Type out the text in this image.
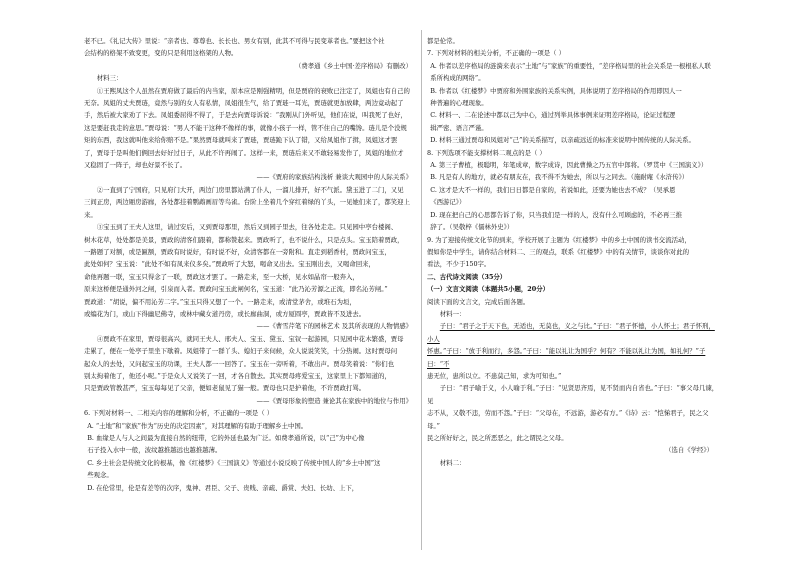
老不已。《礼记大传》里说：“亲者也、尊尊也、长长也、男女有别，此其不可得与民变革者也。”要把这个社

会结构的格架不致变更，变的只是利用这格架的人物。

（费孝通《乡土中国·差序格局》有删改）

材料三：

①王熙凤这个人虽然在贾府做了最后的内当家，原本应是刚强精明，但是贾府的衰败已注定了，凤姐也有自己的

无奈。凤姐的丈夫贾琏，竟然与别的女人有私情，凤姐很生气，给了贾琏一耳光，贾琏就更加放肆，两边竟动起了

手，然后被大家劝了下去。凤姐委屈得不得了，于是去向贾母诉说：“我刚从门外听见，他们在说，叫我死了也好，

这是要赶我走的意思。”贾母说：“男人不能干这种不像样的事，就像小孩子一样，管不住自己的嘴馋。琏儿是个没规

矩的东西，我这就叫他来给你赔不是。”果然贾母就叫来了贾琏，贾琏跪下认了错，又给凤姐作了揖，凤姐这才罢

了，贾母于是叫他们俩回去好好过日子，从此不许再闹了。这样一来，贾琏后来又不敢轻易发作了，凤姐的地位才

又稳固了一阵子，却也好景不长了。

——《贾府的家族结构浅析 兼谈大观园中的人际关系》

②一直到了宁国府，只见府门大开，两边门房里都站满了仆人，一溜儿排开，好不气派。黛玉进了二门，又见

三间正房，两边厢房游廊，各处都挂着鹦鹉画眉等鸟雀。台阶上坐着几个穿红着绿的丫头，一见她们来了，都笑迎上来。

③宝玉到了王夫人这里，请过安后，又到贾母那里，然后又到园子里去，往各处走走。只见园中亭台楼阁、

树木花草，处处都是美景，贾政的清客们跟着，都称赞起来。贾政听了，也不说什么，只是点头。宝玉陪着贾政，

一路题了对额，或是匾额，贾政有时说好，有时说不好，众清客都在一旁附和。直走到稻香村，贾政问宝玉，

此处如何？宝玉说：“此处不如有凤来仪多矣。”贾政听了大怒，喝命叉出去。宝玉刚出去，又喝命回来，

命他再题一联，宝玉只得念了一联，贾政这才罢了。一路走来，至一大桥，见水如晶帘一般奔入，

原来这桥便是通外河之闸，引泉而入者。贾政问宝玉此闸何名，宝玉道：“此乃沁芳源之正流，即名沁芳闸。”

贾政道：“胡说，偏不用沁芳二字。”宝玉只得又想了一个。一路走来，或清堂茅舍，或堆石为垣，

或编花为门，或山下得幽尼佛寺，或林中藏女道丹房，或长廊曲洞，或方厦圆亭，贾政皆不及进去。

——《曹雪芹笔下的园林艺术 及其所表现的人物情感》

④贾政不在家里，贾母很高兴，就同王夫人、邢夫人、宝玉、黛玉、宝钗一起游园，只见园中花木繁盛，贾母

走累了，便在一处亭子里坐下歇着。凤姐带了一群丫头、媳妇子来伺候，众人说说笑笑，十分热闹。这时贾母问

起众人的去处，又问起宝玉的功课，王夫人都一一回答了。宝玉在一旁听着，不敢出声。贾母笑着说：“你们也

别太拘着他了，他还小呢。”于是众人又说笑了一回，才各自散去。其实贾母疼爱宝玉，这家里上下都知道的，

只是贾政管教甚严，宝玉每每见了父亲，便如老鼠见了猫一般。贾母也只是护着他，不许贾政打骂。

——《贾母形象的塑造 兼论其在家族中的地位与作用》

6. 下列对材料一、二相关内容的理解和分析，不正确的一项是（ ）

A. “土地”和“家族”作为“历史的决定因素”，对其理解的有助于理解乡土中国。

B. 血缘是人与人之间最为直接自然的纽带，它的外延也最为广泛。如费孝通所说，以“己”为中心像

石子投入水中一般，波纹越推越远也越推越薄。

C. 乡土社会是传统文化的根基，像《红楼梦》《三国演义》等通过小说反映了传统中国人的“乡土中国”这

些观念。

D. 在伦常里，伦是有差等的次序，鬼神、君臣、父子、贵贱、亲疏、爵赏、夫妇、长幼、上下，

都是伦常。

7. 下列对材料的相关分析，不正确的一项是（ ）

A. 作者以差序格局的涟漪来表示“土地”与“家族”的重要性，“差序格局里的社会关系是一根根私人联

系所构成的网络”。

B. 作者以《红楼梦》中贾府和外围家族的关系实例，具体说明了差序格局的作用即因人一

种普遍的心理现象。

C. 材料一、二在论述中都以己为中心，通过列举具体事例来证明差序格局，论证过程逻

辑严密、语言严谨。

D. 材料三通过贾母和凤姐对“己”的关系描写，以亲疏远近的标准来说明中国传统的人际关系。

8. 下列选项不能支撑材料二观点的是（ ）

A. 第三子曹植，极聪明，年笔成章，数字成诗，因此曹操之乃五官中郎将。（罗贯中《三国演义》）

B. 凡是有人的地方，就必有朋友在，我不得不为她去，所以与之同去。（施耐庵《水浒传》）

C. 这才是大不一样的，我们日日都是自家的，若说如此，还要为她也去不成？（吴承恩

《西游记》）

D. 现在把自己的心思都告诉了你，只当我们是一样的人，没有什么可顾虑的，不必再三推

辞了。（吴敬梓《儒林外史》）

9. 为了迎接传统文化节的到来，学校开展了主题为《红楼梦》中的乡土中国的读书交流活动，

假如你是中学生，请你结合材料二、三的观点，联系《红楼梦》中的有关情节，谈谈你对此的

看法，不少于150字。

二、古代诗文阅读（35分）

（一）文言文阅读（本题共5小题，20分）

阅读下面的文言文，完成后面各题。

材料一：

子曰：“君子之于天下也，无适也，无莫也，义之与比。”子曰：“君子怀德，小人怀土；君子怀刑，小人

怀惠。”子曰：“放于利而行，多怨。”子曰：“能以礼让为国乎？何有？不能以礼让为国，如礼何？”子曰：“不

患无位，患所以立。不患莫己知，求为可知也。”

子曰：“君子喻于义，小人喻于利。”子曰：“见贤思齐焉，见不贤而内自省也。”子曰：“事父母几谏，见

志不从，又敬不违，劳而不怨。”子曰：“父母在，不远游，游必有方。”《诗》云：“恺悌君子，民之父母。”

民之所好好之，民之所恶恶之，此之谓民之父母。

（选自《学经》）

材料二：
